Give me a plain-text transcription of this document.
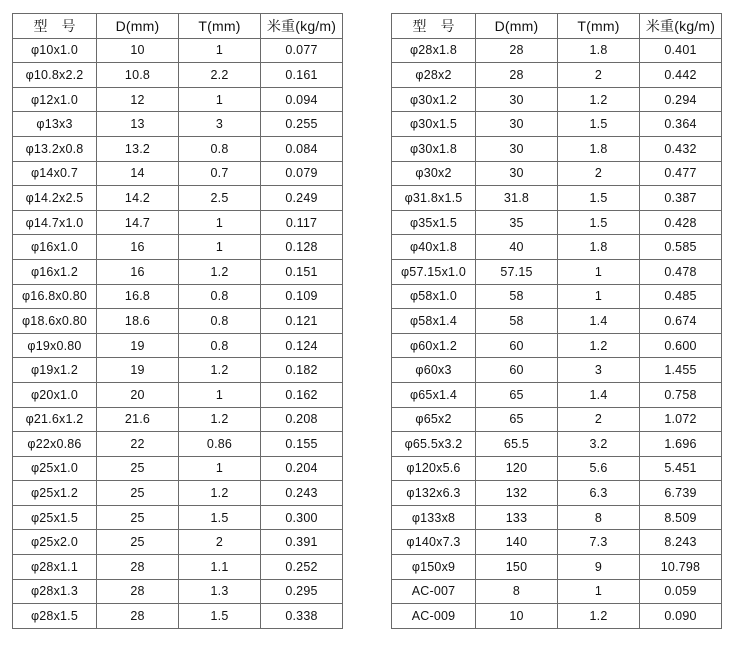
型号	D(mm)	T(mm)	米重(kg/m)
φ10x1.0	10	1	0.077
φ10.8x2.2	10.8	2.2	0.161
φ12x1.0	12	1	0.094
φ13x3	13	3	0.255
φ13.2x0.8	13.2	0.8	0.084
φ14x0.7	14	0.7	0.079
φ14.2x2.5	14.2	2.5	0.249
φ14.7x1.0	14.7	1	0.117
φ16x1.0	16	1	0.128
φ16x1.2	16	1.2	0.151
φ16.8x0.80	16.8	0.8	0.109
φ18.6x0.80	18.6	0.8	0.121
φ19x0.80	19	0.8	0.124
φ19x1.2	19	1.2	0.182
φ20x1.0	20	1	0.162
φ21.6x1.2	21.6	1.2	0.208
φ22x0.86	22	0.86	0.155
φ25x1.0	25	1	0.204
φ25x1.2	25	1.2	0.243
φ25x1.5	25	1.5	0.300
φ25x2.0	25	2	0.391
φ28x1.1	28	1.1	0.252
φ28x1.3	28	1.3	0.295
φ28x1.5	28	1.5	0.338
型号	D(mm)	T(mm)	米重(kg/m)
φ28x1.8	28	1.8	0.401
φ28x2	28	2	0.442
φ30x1.2	30	1.2	0.294
φ30x1.5	30	1.5	0.364
φ30x1.8	30	1.8	0.432
φ30x2	30	2	0.477
φ31.8x1.5	31.8	1.5	0.387
φ35x1.5	35	1.5	0.428
φ40x1.8	40	1.8	0.585
φ57.15x1.0	57.15	1	0.478
φ58x1.0	58	1	0.485
φ58x1.4	58	1.4	0.674
φ60x1.2	60	1.2	0.600
φ60x3	60	3	1.455
φ65x1.4	65	1.4	0.758
φ65x2	65	2	1.072
φ65.5x3.2	65.5	3.2	1.696
φ120x5.6	120	5.6	5.451
φ132x6.3	132	6.3	6.739
φ133x8	133	8	8.509
φ140x7.3	140	7.3	8.243
φ150x9	150	9	10.798
AC-007	8	1	0.059
AC-009	10	1.2	0.090
